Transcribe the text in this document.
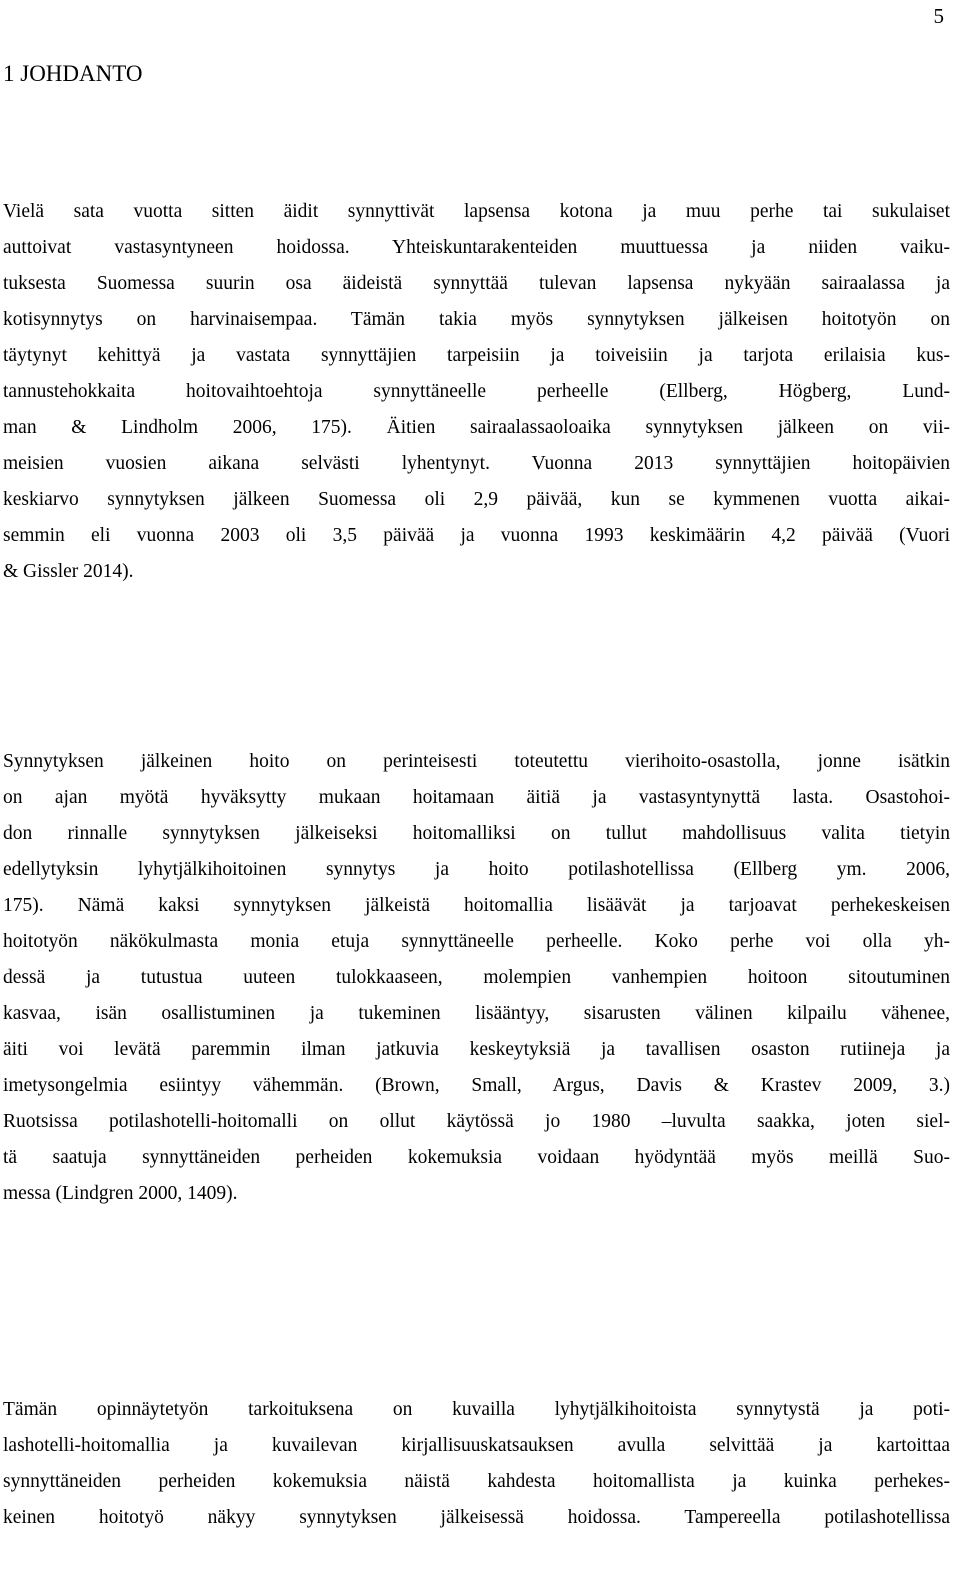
5
1 JOHDANTO
Vielä sata vuotta sitten äidit synnyttivät lapsensa kotona ja muu perhe tai sukulaiset
auttoivat vastasyntyneen hoidossa. Yhteiskuntarakenteiden muuttuessa ja niiden vaiku-
tuksesta Suomessa suurin osa äideistä synnyttää tulevan lapsensa nykyään sairaalassa ja
kotisynnytys on harvinaisempaa. Tämän takia myös synnytyksen jälkeisen hoitotyön on
täytynyt kehittyä ja vastata synnyttäjien tarpeisiin ja toiveisiin ja tarjota erilaisia kus-
tannustehokkaita hoitovaihtoehtoja synnyttäneelle perheelle (Ellberg, Högberg, Lund-
man & Lindholm 2006, 175). Äitien sairaalassaoloaika synnytyksen jälkeen on vii-
meisien vuosien aikana selvästi lyhentynyt. Vuonna 2013 synnyttäjien hoitopäivien
keskiarvo synnytyksen jälkeen Suomessa oli 2,9 päivää, kun se kymmenen vuotta aikai-
semmin eli vuonna 2003 oli 3,5 päivää ja vuonna 1993 keskimäärin 4,2 päivää (Vuori
& Gissler 2014).
Synnytyksen jälkeinen hoito on perinteisesti toteutettu vierihoito-osastolla, jonne isätkin
on ajan myötä hyväksytty mukaan hoitamaan äitiä ja vastasyntynyttä lasta. Osastohoi-
don rinnalle synnytyksen jälkeiseksi hoitomalliksi on tullut mahdollisuus valita tietyin
edellytyksin lyhytjälkihoitoinen synnytys ja hoito potilashotellissa (Ellberg ym. 2006,
175). Nämä kaksi synnytyksen jälkeistä hoitomallia lisäävät ja tarjoavat perhekeskeisen
hoitotyön näkökulmasta monia etuja synnyttäneelle perheelle. Koko perhe voi olla yh-
dessä ja tutustua uuteen tulokkaaseen, molempien vanhempien hoitoon sitoutuminen
kasvaa, isän osallistuminen ja tukeminen lisääntyy, sisarusten välinen kilpailu vähenee,
äiti voi levätä paremmin ilman jatkuvia keskeytyksiä ja tavallisen osaston rutiineja ja
imetysongelmia esiintyy vähemmän. (Brown, Small, Argus, Davis & Krastev 2009, 3.)
Ruotsissa potilashotelli-hoitomalli on ollut käytössä jo 1980 –luvulta saakka, joten siel-
tä saatuja synnyttäneiden perheiden kokemuksia voidaan hyödyntää myös meillä Suo-
messa (Lindgren 2000, 1409).
Tämän opinnäytetyön tarkoituksena on kuvailla lyhytjälkihoitoista synnytystä ja poti-
lashotelli-hoitomallia ja kuvailevan kirjallisuuskatsauksen avulla selvittää ja kartoittaa
synnyttäneiden perheiden kokemuksia näistä kahdesta hoitomallista ja kuinka perhekes-
keinen hoitotyö näkyy synnytyksen jälkeisessä hoidossa. Tampereella potilashotellissa
